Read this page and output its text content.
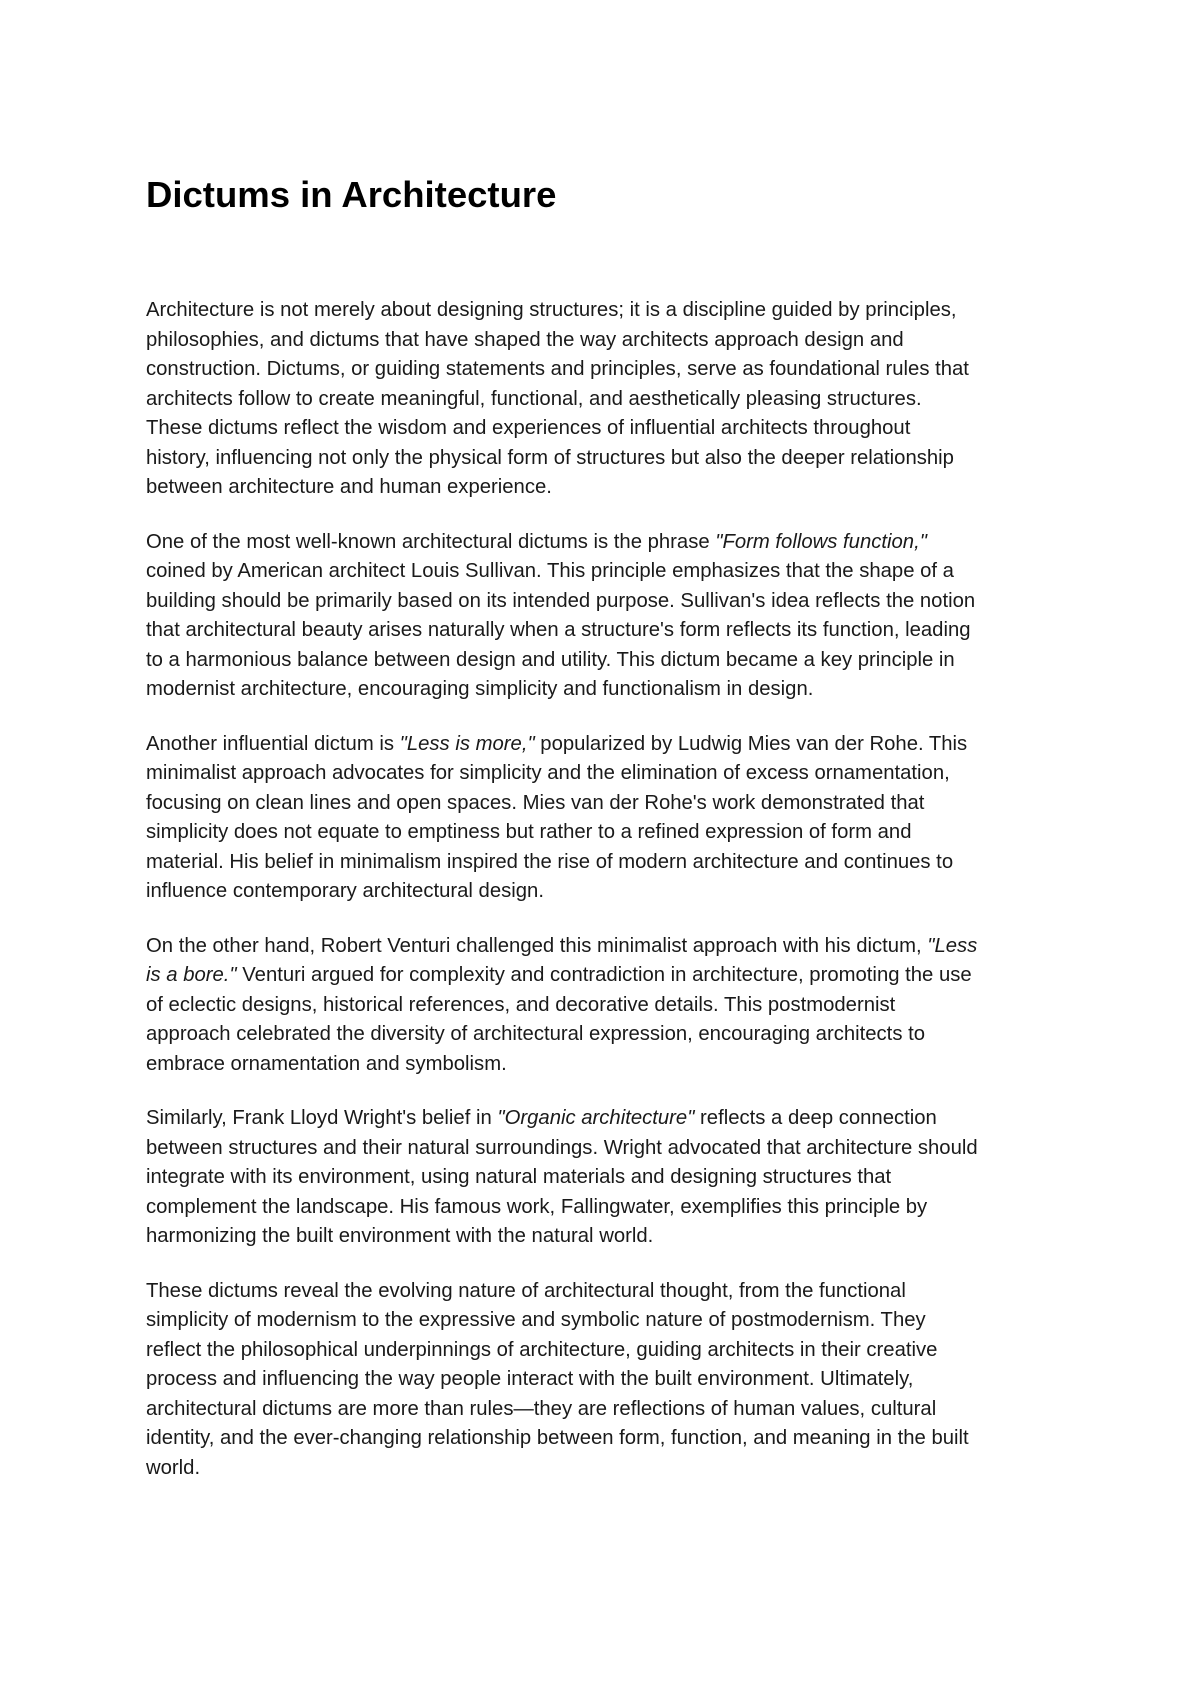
Dictums in Architecture

Architecture is not merely about designing structures; it is a discipline guided by principles,
philosophies, and dictums that have shaped the way architects approach design and
construction. Dictums, or guiding statements and principles, serve as foundational rules that
architects follow to create meaningful, functional, and aesthetically pleasing structures.
These dictums reflect the wisdom and experiences of influential architects throughout
history, influencing not only the physical form of structures but also the deeper relationship
between architecture and human experience.

One of the most well-known architectural dictums is the phrase "Form follows function,"
coined by American architect Louis Sullivan. This principle emphasizes that the shape of a
building should be primarily based on its intended purpose. Sullivan's idea reflects the notion
that architectural beauty arises naturally when a structure's form reflects its function, leading
to a harmonious balance between design and utility. This dictum became a key principle in
modernist architecture, encouraging simplicity and functionalism in design.

Another influential dictum is "Less is more," popularized by Ludwig Mies van der Rohe. This
minimalist approach advocates for simplicity and the elimination of excess ornamentation,
focusing on clean lines and open spaces. Mies van der Rohe's work demonstrated that
simplicity does not equate to emptiness but rather to a refined expression of form and
material. His belief in minimalism inspired the rise of modern architecture and continues to
influence contemporary architectural design.

On the other hand, Robert Venturi challenged this minimalist approach with his dictum, "Less
is a bore." Venturi argued for complexity and contradiction in architecture, promoting the use
of eclectic designs, historical references, and decorative details. This postmodernist
approach celebrated the diversity of architectural expression, encouraging architects to
embrace ornamentation and symbolism.

Similarly, Frank Lloyd Wright's belief in "Organic architecture" reflects a deep connection
between structures and their natural surroundings. Wright advocated that architecture should
integrate with its environment, using natural materials and designing structures that
complement the landscape. His famous work, Fallingwater, exemplifies this principle by
harmonizing the built environment with the natural world.

These dictums reveal the evolving nature of architectural thought, from the functional
simplicity of modernism to the expressive and symbolic nature of postmodernism. They
reflect the philosophical underpinnings of architecture, guiding architects in their creative
process and influencing the way people interact with the built environment. Ultimately,
architectural dictums are more than rules—they are reflections of human values, cultural
identity, and the ever-changing relationship between form, function, and meaning in the built
world.
